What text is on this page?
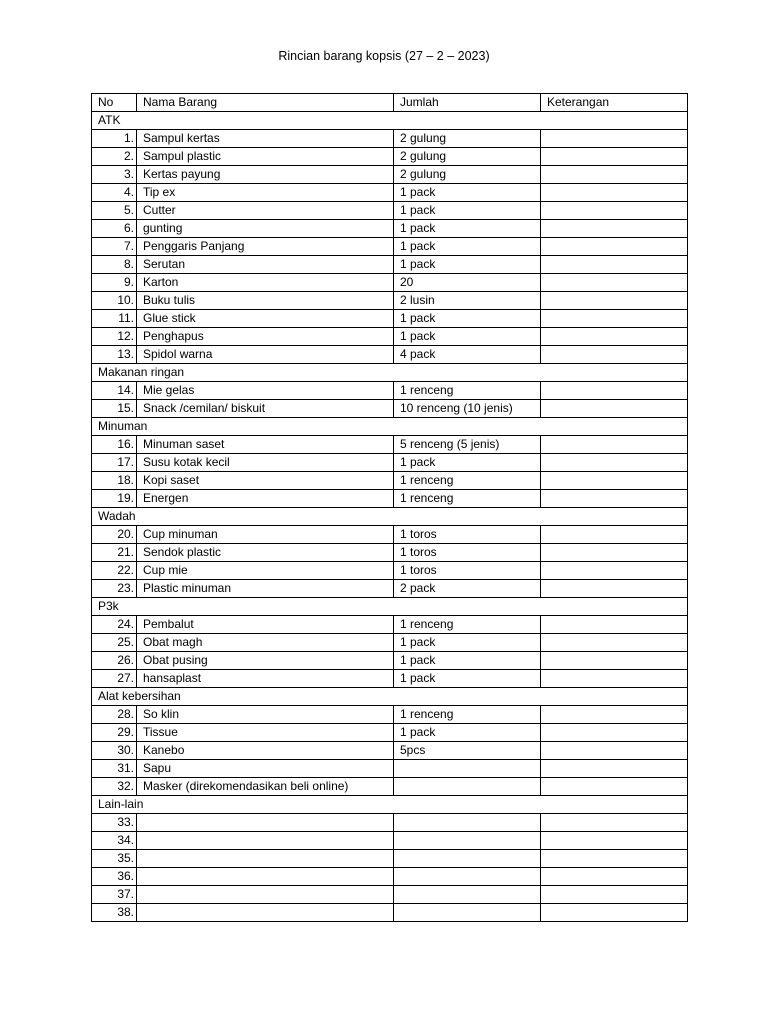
Rincian barang kopsis (27 – 2 – 2023)
No	Nama Barang	Jumlah	Keterangan
ATK			
1.	Sampul kertas	2 gulung	
2.	Sampul plastic	2 gulung	
3.	Kertas payung	2 gulung	
4.	Tip ex	1 pack	
5.	Cutter	1 pack	
6.	gunting	1 pack	
7.	Penggaris Panjang	1 pack	
8.	Serutan	1 pack	
9.	Karton	20	
10.	Buku tulis	2 lusin	
11.	Glue stick	1 pack	
12.	Penghapus	1 pack	
13.	Spidol warna	4 pack	
Makanan ringan			
14.	Mie gelas	1 renceng	
15.	Snack /cemilan/ biskuit	10 renceng (10 jenis)	
Minuman			
16.	Minuman saset	5 renceng (5 jenis)	
17.	Susu kotak kecil	1 pack	
18.	Kopi saset	1 renceng	
19.	Energen	1 renceng	
Wadah			
20.	Cup minuman	1 toros	
21.	Sendok plastic	1 toros	
22.	Cup mie	1 toros	
23.	Plastic minuman	2 pack	
P3k			
24.	Pembalut	1 renceng	
25.	Obat magh	1 pack	
26.	Obat pusing	1 pack	
27.	hansaplast	1 pack	
Alat kebersihan			
28.	So klin	1 renceng	
29.	Tissue	1 pack	
30.	Kanebo	5pcs	
31.	Sapu		
32.	Masker (direkomendasikan beli online)		
Lain-lain			
33.			
34.			
35.			
36.			
37.			
38.			
